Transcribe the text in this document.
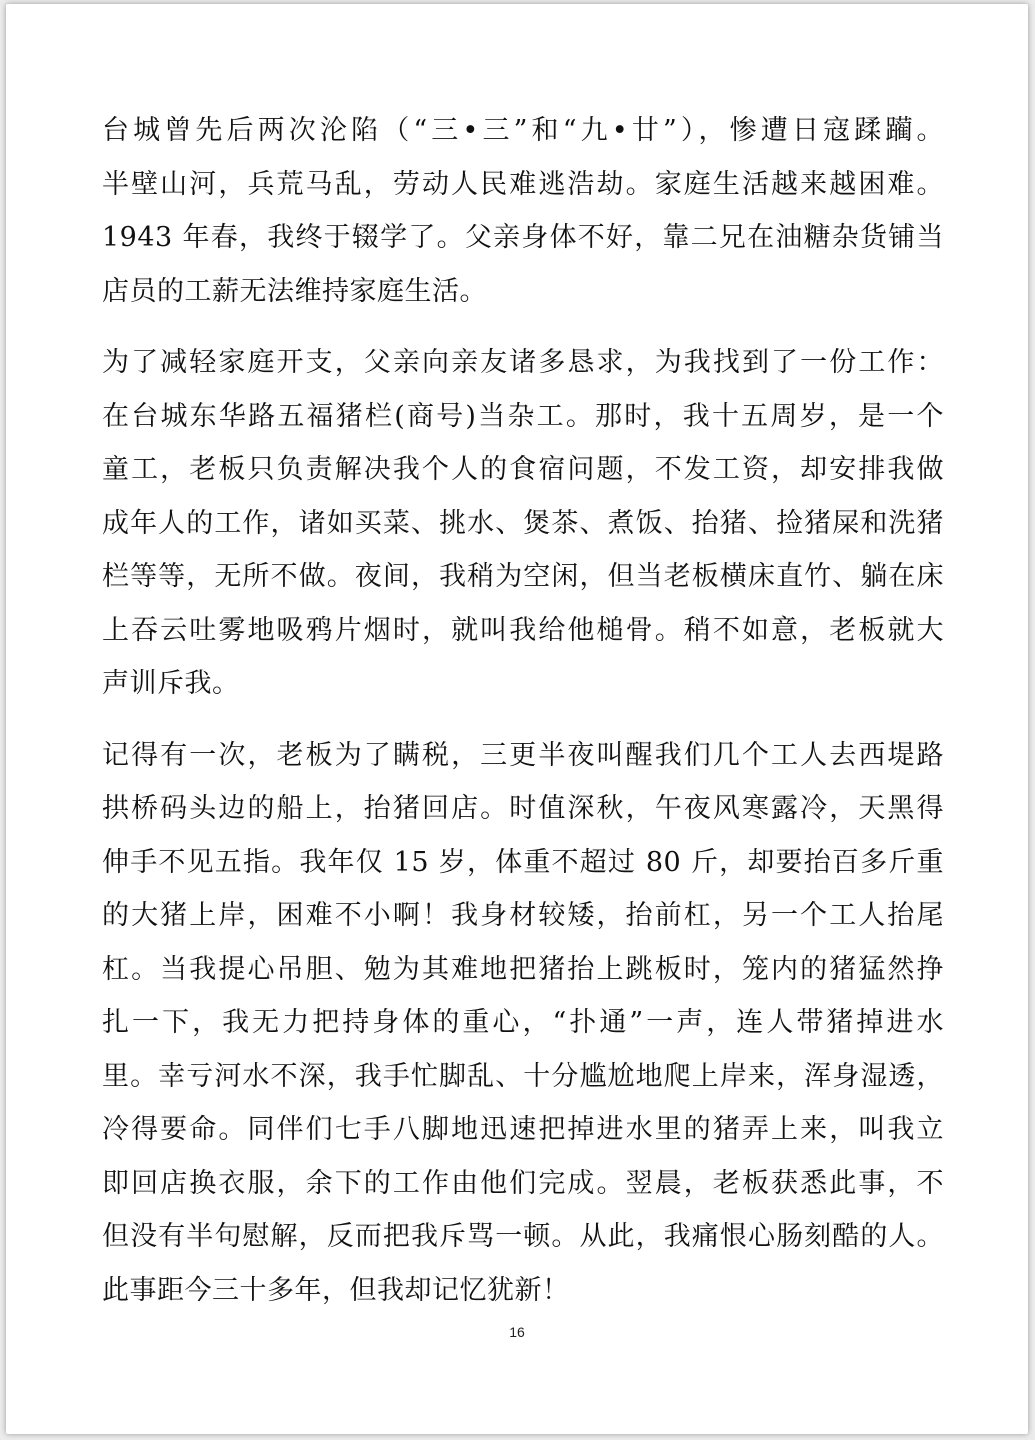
台城曾先后两次沦陷（“三•三”和“九•廿”），惨遭日寇蹂躏。
半壁山河，兵荒马乱，劳动人民难逃浩劫。家庭生活越来越困难。
1943 年春，我终于辍学了。父亲身体不好，靠二兄在油糖杂货铺当
店员的工薪无法维持家庭生活。

为了减轻家庭开支，父亲向亲友诸多恳求，为我找到了一份工作：
在台城东华路五福猪栏(商号)当杂工。那时，我十五周岁，是一个
童工，老板只负责解决我个人的食宿问题，不发工资，却安排我做
成年人的工作，诸如买菜、挑水、煲茶、煮饭、抬猪、捡猪屎和洗猪
栏等等，无所不做。夜间，我稍为空闲，但当老板横床直竹、躺在床
上吞云吐雾地吸鸦片烟时，就叫我给他槌骨。稍不如意，老板就大
声训斥我。

记得有一次，老板为了瞒税，三更半夜叫醒我们几个工人去西堤路
拱桥码头边的船上，抬猪回店。时值深秋，午夜风寒露冷，天黑得
伸手不见五指。我年仅 15 岁，体重不超过 80 斤，却要抬百多斤重
的大猪上岸，困难不小啊！我身材较矮，抬前杠，另一个工人抬尾
杠。当我提心吊胆、勉为其难地把猪抬上跳板时，笼内的猪猛然挣
扎一下，我无力把持身体的重心，“扑通”一声，连人带猪掉进水
里。幸亏河水不深，我手忙脚乱、十分尴尬地爬上岸来，浑身湿透，
冷得要命。同伴们七手八脚地迅速把掉进水里的猪弄上来，叫我立
即回店换衣服，余下的工作由他们完成。翌晨，老板获悉此事，不
但没有半句慰解，反而把我斥骂一顿。从此，我痛恨心肠刻酷的人。
此事距今三十多年，但我却记忆犹新！

16
